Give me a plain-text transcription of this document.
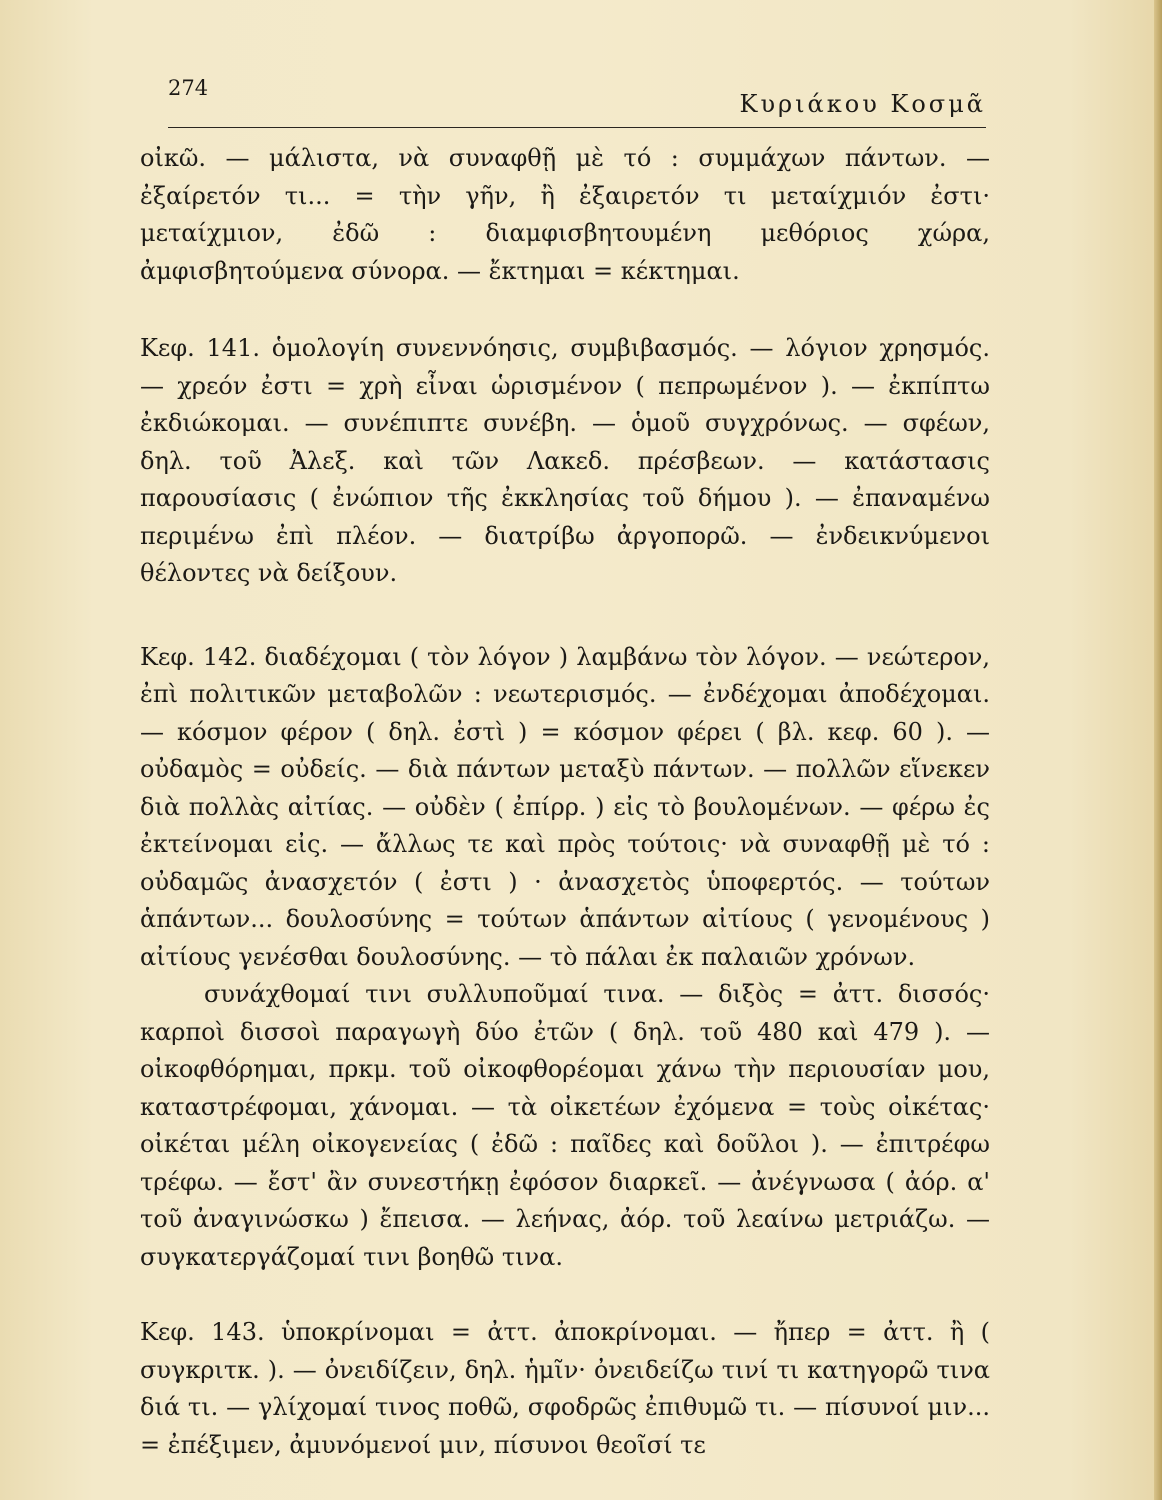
274
Κυριάκου Κοσμᾶ

οἰκῶ. — μάλιστα, νὰ συναφθῇ μὲ τό : συμμάχων πάντων. — ἐξαίρετόν τι... = τὴν γῆν, ἢ ἐξαιρετόν τι μεταίχμιόν ἐστι· μεταίχμιον, ἐδῶ : διαμφισβητουμένη μεθόριος χώρα, ἀμφισβητούμενα σύνορα. — ἔκτημαι = κέκτημαι.

Κεφ. 141. ὁμολογίη συνεννόησις, συμβιβασμός. — λόγιον χρησμός. — χρεόν ἐστι = χρὴ εἶναι ὡρισμένον ( πεπρωμένον ). — ἐκπίπτω ἐκδιώκομαι. — συνέπιπτε συνέβη. — ὁμοῦ συγχρόνως. — σφέων, δηλ. τοῦ Ἀλεξ. καὶ τῶν Λακεδ. πρέσβεων. — κατάστασις παρουσίασις ( ἐνώπιον τῆς ἐκκλησίας τοῦ δήμου ). — ἐπαναμένω περιμένω ἐπὶ πλέον. — διατρίβω ἀργοπορῶ. — ἐνδεικνύμενοι θέλοντες νὰ δείξουν.

Κεφ. 142. διαδέχομαι ( τὸν λόγον ) λαμβάνω τὸν λόγον. — νεώτερον, ἐπὶ πολιτικῶν μεταβολῶν : νεωτερισμός. — ἐνδέχομαι ἀποδέχομαι. — κόσμον φέρον ( δηλ. ἐστὶ ) = κόσμον φέρει ( βλ. κεφ. 60 ). — οὐδαμὸς = οὐδείς. — διὰ πάντων μεταξὺ πάντων. — πολλῶν εἵνεκεν διὰ πολλὰς αἰτίας. — οὐδὲν ( ἐπίρρ. ) εἰς τὸ βουλομένων. — φέρω ἐς ἐκτείνομαι εἰς. — ἄλλως τε καὶ πρὸς τούτοις· νὰ συναφθῇ μὲ τό : οὐδαμῶς ἀνασχετόν ( ἐστι ) · ἀνασχετὸς ὑποφερτός. — τούτων ἁπάντων... δουλοσύνης = τούτων ἁπάντων αἰτίους ( γενομένους ) αἰτίους γενέσθαι δουλοσύνης. — τὸ πάλαι ἐκ παλαιῶν χρόνων.

συνάχθομαί τινι συλλυποῦμαί τινα. — διξὸς = ἀττ. δισσός· καρποὶ δισσοὶ παραγωγὴ δύο ἐτῶν ( δηλ. τοῦ 480 καὶ 479 ). — οἰκοφθόρημαι, πρκμ. τοῦ οἰκοφθορέομαι χάνω τὴν περιουσίαν μου, καταστρέφομαι, χάνομαι. — τὰ οἰκετέων ἐχόμενα = τοὺς οἰκέτας· οἰκέται μέλη οἰκογενείας ( ἐδῶ : παῖδες καὶ δοῦλοι ). — ἐπιτρέφω τρέφω. — ἔστ' ἂν συνεστήκῃ ἐφόσον διαρκεῖ. — ἀνέγνωσα ( ἀόρ. α' τοῦ ἀναγινώσκω ) ἔπεισα. — λεήνας, ἀόρ. τοῦ λεαίνω μετριάζω. — συγκατεργάζομαί τινι βοηθῶ τινα.

Κεφ. 143. ὑποκρίνομαι = ἀττ. ἀποκρίνομαι. — ἤπερ = ἀττ. ἢ ( συγκριτκ. ). — ὀνειδίζειν, δηλ. ἡμῖν· ὀνειδείζω τινί τι κατηγορῶ τινα διά τι. — γλίχομαί τινος ποθῶ, σφοδρῶς ἐπιθυμῶ τι. — πίσυνοί μιν... = ἐπέξιμεν, ἀμυνόμενοί μιν, πίσυνοι θεοῖσί τε
